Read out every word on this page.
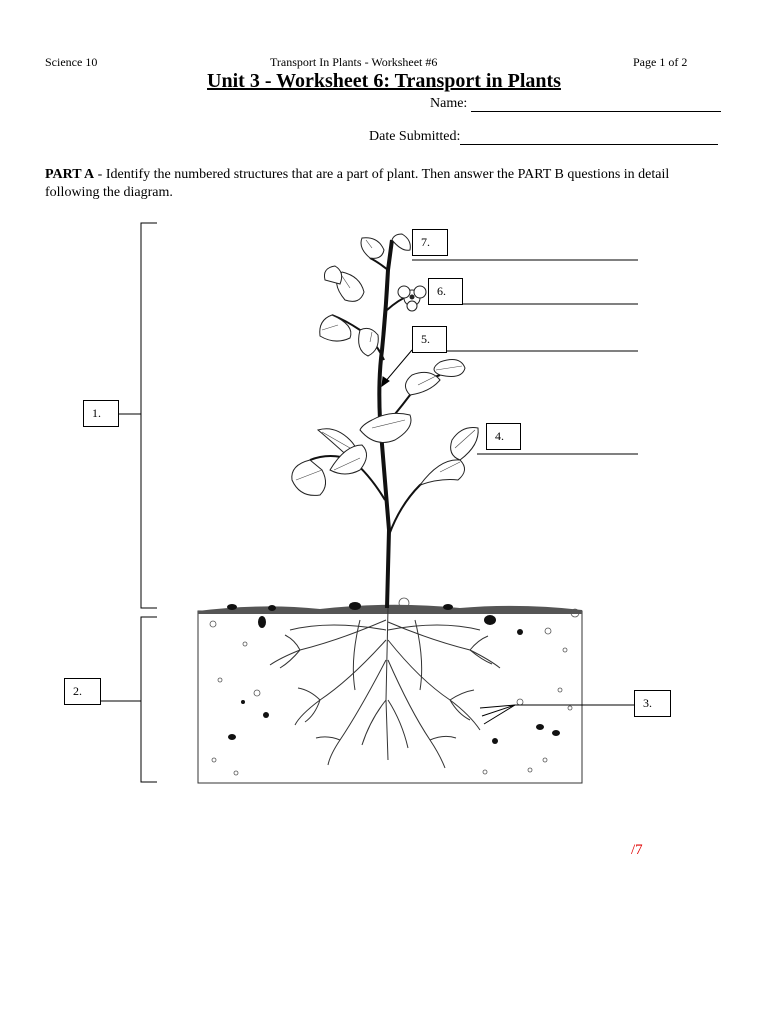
Science 10	Transport In Plants - Worksheet #6	Page 1 of 2
Unit 3 - Worksheet 6: Transport in Plants
Name:
Date Submitted:
PART A - Identify the numbered structures that are a part of plant. Then answer the PART B questions in detail following the diagram.
1.
2.
3.
4.
5.
6.
7.
/7
